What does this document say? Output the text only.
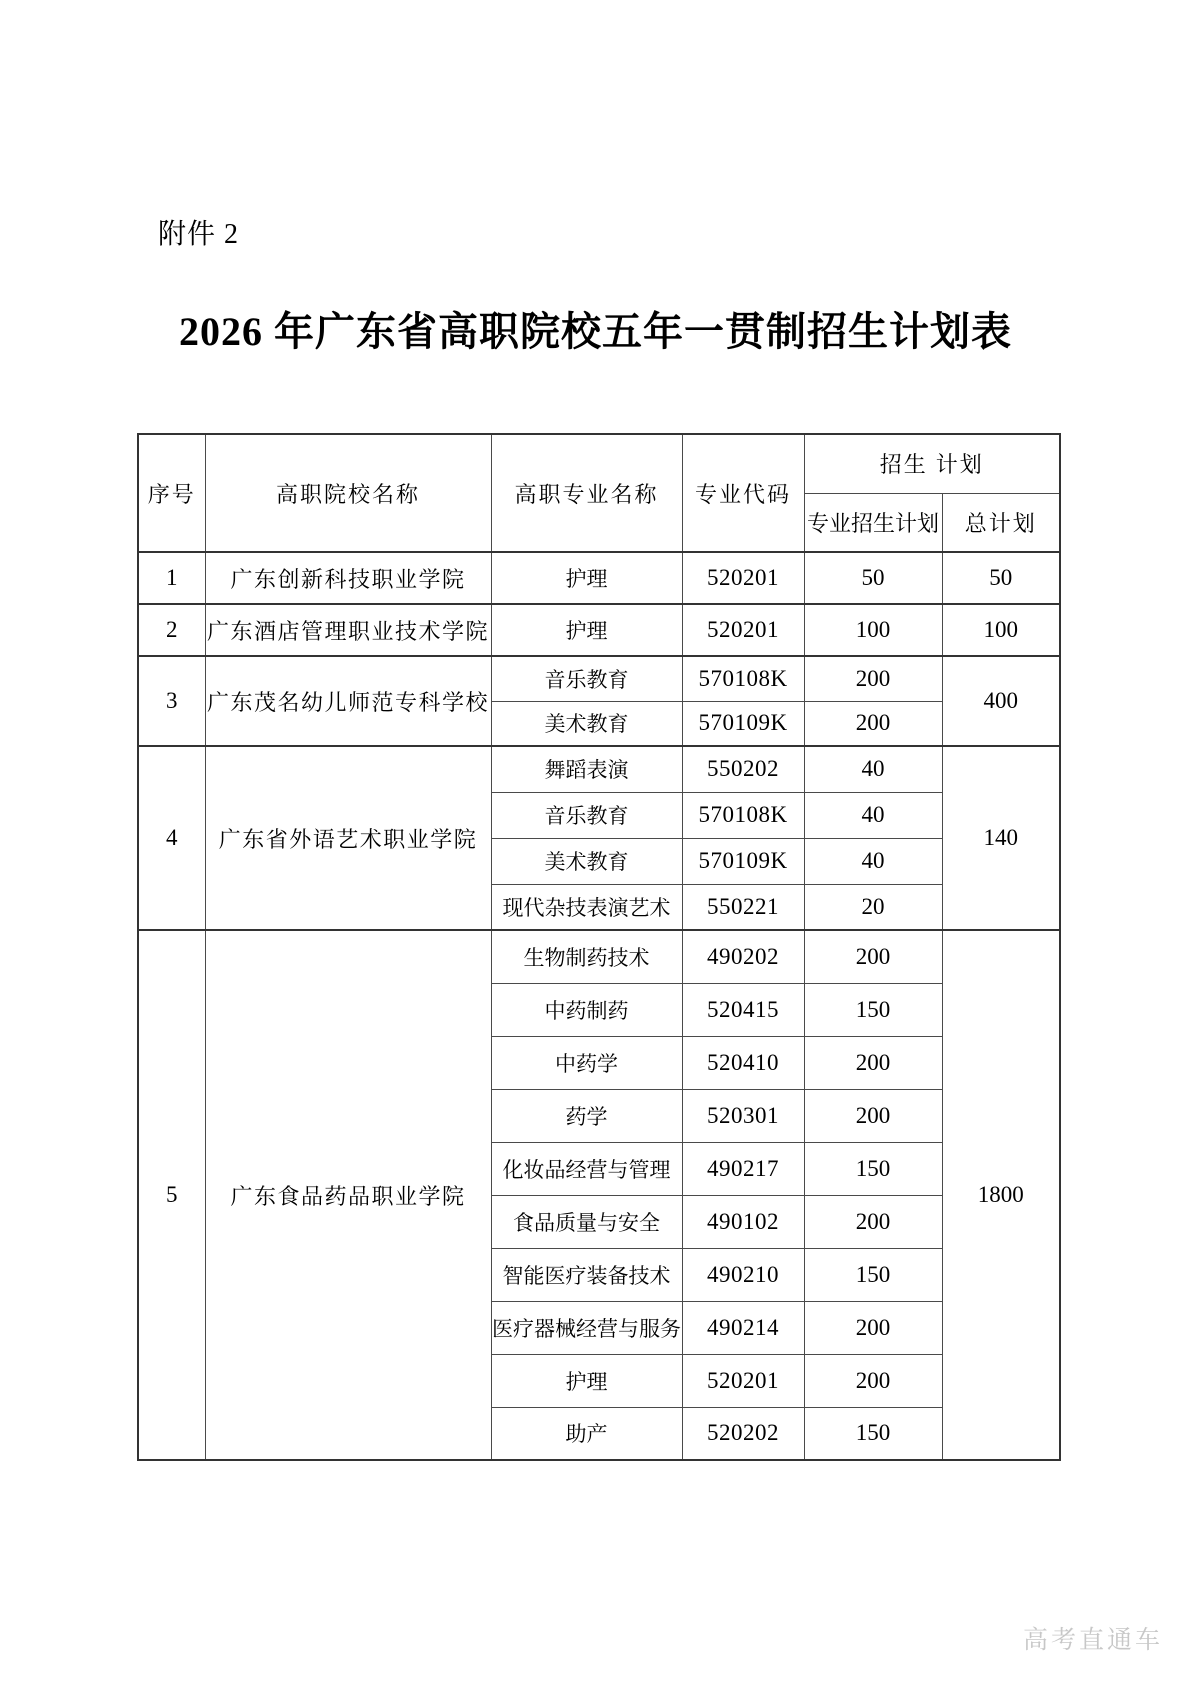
附件 2
2026 年广东省高职院校五年一贯制招生计划表
序号	高职院校名称	高职专业名称	专业代码	招生 计划	
				专业招生计划	总计划
1	广东创新科技职业学院	护理	520201	50	50
2	广东酒店管理职业技术学院	护理	520201	100	100
3	广东茂名幼儿师范专科学校	音乐教育	570108K	200	400
		美术教育	570109K	200	
4	广东省外语艺术职业学院	舞蹈表演	550202	40	140
		音乐教育	570108K	40	
		美术教育	570109K	40	
		现代杂技表演艺术	550221	20	
5	广东食品药品职业学院	生物制药技术	490202	200	1800
		中药制药	520415	150	
		中药学	520410	200	
		药学	520301	200	
		化妆品经营与管理	490217	150	
		食品质量与安全	490102	200	
		智能医疗装备技术	490210	150	
		医疗器械经营与服务	490214	200	
		护理	520201	200	
		助产	520202	150	
高考直通车
